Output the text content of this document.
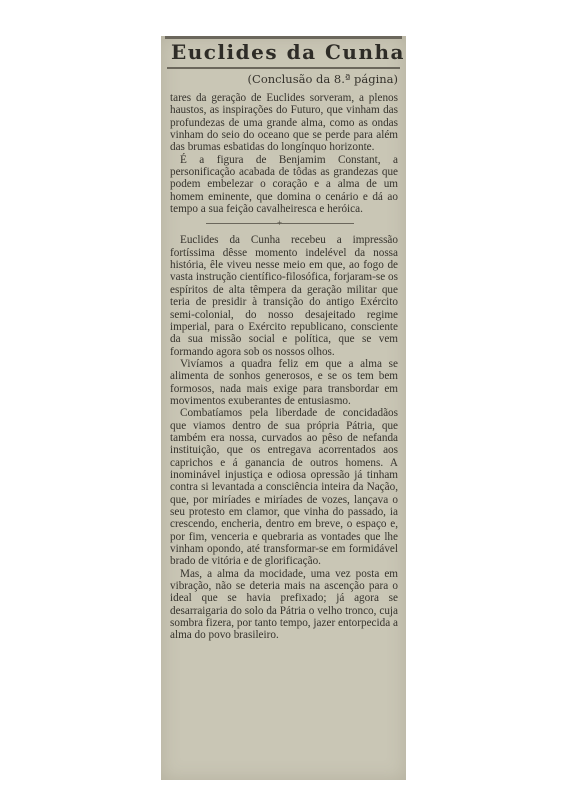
Euclides da Cunha
(Conclusão da 8.ª página)

tares da geração de Euclides sorveram, a plenos haustos, as inspirações do Futuro, que vinham das profundezas de uma grande alma, como as ondas vinham do seio do oceano que se perde para além das brumas esbatidas do longínquo horizonte.

É a figura de Benjamim Constant, a personificação acabada de tôdas as grandezas que podem embelezar o coração e a alma de um homem eminente, que domina o cenário e dá ao tempo a sua feição cavalheiresca e heróica.

+

Euclides da Cunha recebeu a impressão fortíssima dêsse momento indelével da nossa história, êle viveu nesse meio em que, ao fogo de vasta instrução científico-filosófica, forjaram-se os espíritos de alta têmpera da geração militar que teria de presidir à transição do antigo Exército semi-colonial, do nosso desajeitado regime imperial, para o Exército republicano, consciente da sua missão social e política, que se vem formando agora sob os nossos olhos.

Vivíamos a quadra feliz em que a alma se alimenta de sonhos generosos, e se os tem bem formosos, nada mais exige para transbordar em movimentos exuberantes de entusiasmo.

Combatíamos pela liberdade de concidadãos que viamos dentro de sua própria Pátria, que também era nossa, curvados ao pêso de nefanda instituição, que os entregava acorrentados aos caprichos e á ganancia de outros homens. A inominável injustiça e odiosa opressão já tinham contra si levantada a consciência inteira da Nação, que, por miríades e miríades de vozes, lançava o seu protesto em clamor, que vinha do passado, ia crescendo, encheria, dentro em breve, o espaço e, por fim, venceria e quebraria as vontades que lhe vinham opondo, até transformar-se em formidável brado de vitória e de glorificação.

Mas, a alma da mocidade, uma vez posta em vibração, não se deteria mais na ascenção para o ideal que se havia prefixado; já agora se desarraigaria do solo da Pátria o velho tronco, cuja sombra fizera, por tanto tempo, jazer entorpecida a alma do povo brasileiro.
